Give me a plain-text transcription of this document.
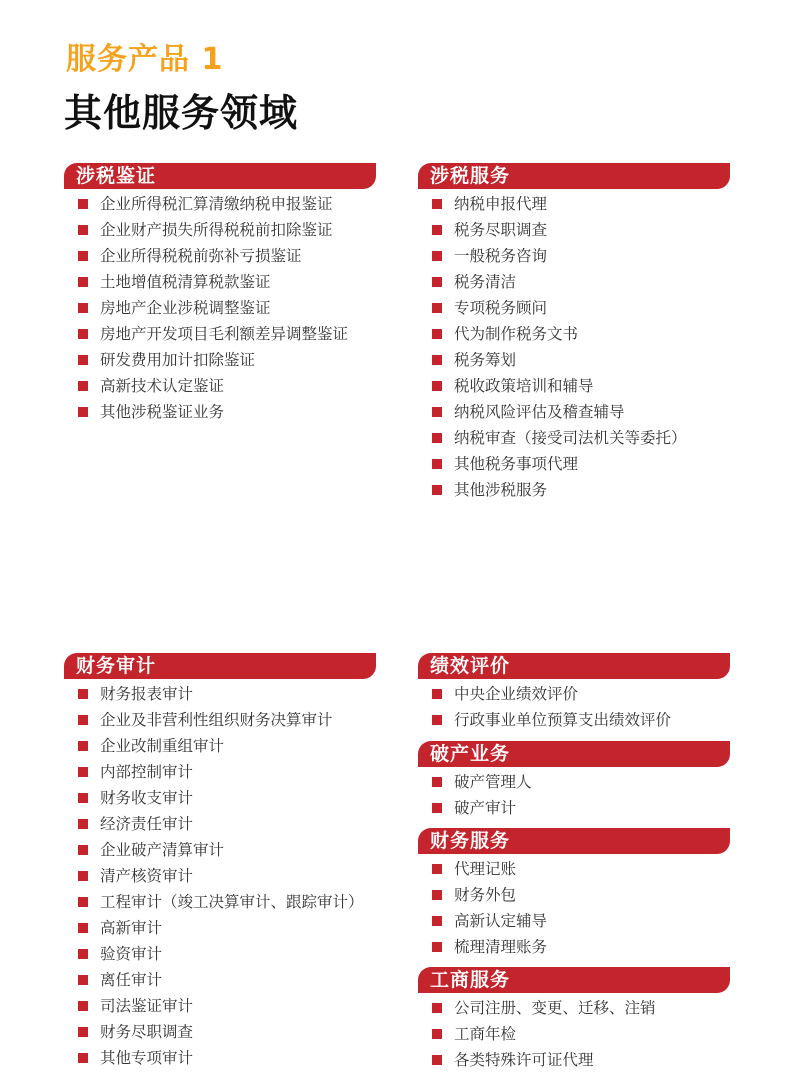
服务产品 1
其他服务领域
涉税鉴证
企业所得税汇算清缴纳税申报鉴证
企业财产损失所得税税前扣除鉴证
企业所得税税前弥补亏损鉴证
土地增值税清算税款鉴证
房地产企业涉税调整鉴证
房地产开发项目毛利额差异调整鉴证
研发费用加计扣除鉴证
高新技术认定鉴证
其他涉税鉴证业务
涉税服务
纳税申报代理
税务尽职调查
一般税务咨询
税务清洁
专项税务顾问
代为制作税务文书
税务筹划
税收政策培训和辅导
纳税风险评估及稽查辅导
纳税审查（接受司法机关等委托）
其他税务事项代理
其他涉税服务
财务审计
财务报表审计
企业及非营利性组织财务决算审计
企业改制重组审计
内部控制审计
财务收支审计
经济责任审计
企业破产清算审计
清产核资审计
工程审计（竣工决算审计、跟踪审计）
高新审计
验资审计
离任审计
司法鉴证审计
财务尽职调查
其他专项审计
绩效评价
中央企业绩效评价
行政事业单位预算支出绩效评价
破产业务
破产管理人
破产审计
财务服务
代理记账
财务外包
高新认定辅导
梳理清理账务
工商服务
公司注册、变更、迁移、注销
工商年检
各类特殊许可证代理
